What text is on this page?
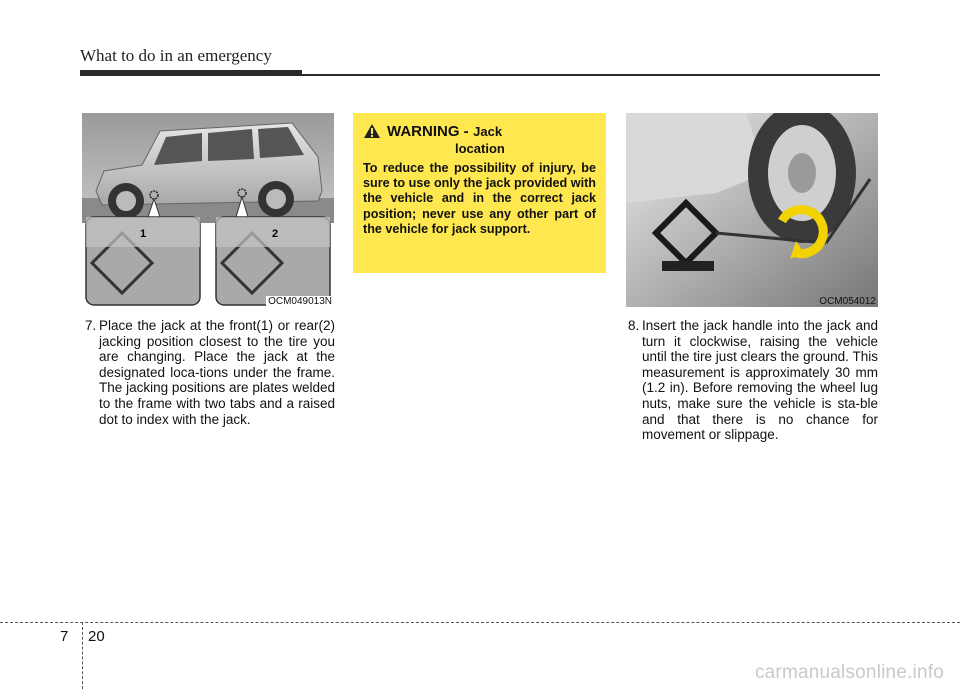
What to do in an emergency
1	2
OCM049013N
WARNING - Jack
location
To reduce the possibility of injury, be sure to use only the jack provided with the vehicle and in the correct jack position; never use any other part of the vehicle for jack support.
OCM054012
7. Place the jack at the front(1) or rear(2) jacking position closest to the tire you are changing. Place the jack at the designated loca-tions under the frame. The jacking positions are plates welded to the frame with two tabs and a raised dot to index with the jack.
8. Insert the jack handle into the jack and turn it clockwise, raising the vehicle until the tire just clears the ground. This measurement is approximately 30 mm (1.2 in). Before removing the wheel lug nuts, make sure the vehicle is sta-ble and that there is no chance for movement or slippage.
7 20
carmanualsonline.info
